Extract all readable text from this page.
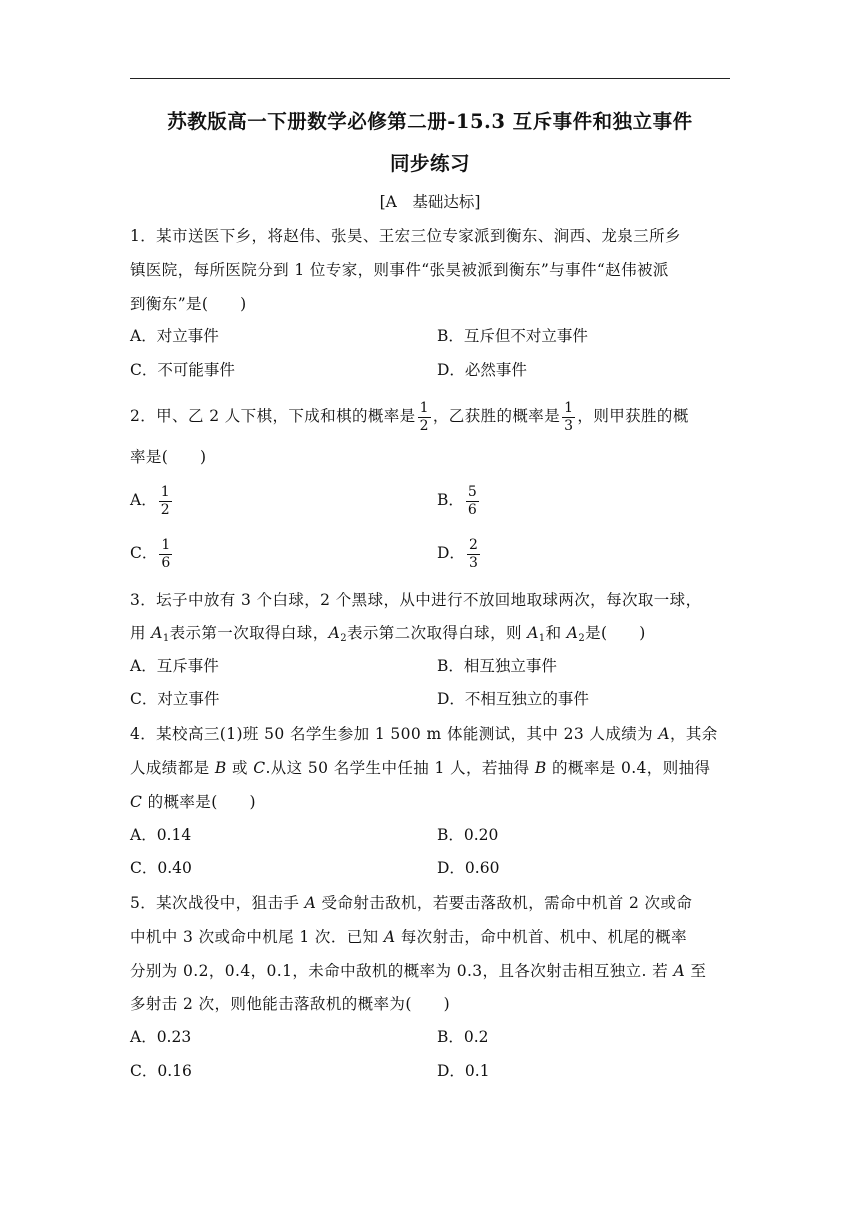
苏教版高一下册数学必修第二册-15.3 互斥事件和独立事件
同步练习
[A　基础达标]
1．某市送医下乡，将赵伟、张昊、王宏三位专家派到衡东、涧西、龙泉三所乡
镇医院，每所医院分到 1 位专家，则事件“张昊被派到衡东”与事件“赵伟被派
到衡东”是(　　)
A．对立事件	B．互斥但不对立事件
C．不可能事件	D．必然事件
2．甲、乙 2 人下棋，下成和棋的概率是 $\frac{1}{2}$ ，乙获胜的概率是 $\frac{1}{3}$ ，则甲获胜的概
率是(　　)
A． $\frac{1}{2}$	B． $\frac{5}{6}$
C． $\frac{1}{6}$	D． $\frac{2}{3}$
3．坛子中放有 3 个白球，2 个黑球，从中进行不放回地取球两次，每次取一球，
用 $A_1$表示第一次取得白球，$A_2$表示第二次取得白球，则 $A_1$和 $A_2$是(　　)
A．互斥事件	B．相互独立事件
C．对立事件	D．不相互独立的事件
4．某校高三(1)班 50 名学生参加 1 500 m 体能测试，其中 23 人成绩为 A，其余
人成绩都是 B 或 C.从这 50 名学生中任抽 1 人，若抽得 B 的概率是 0.4，则抽得
C 的概率是(　　)
A．0.14	B．0.20
C．0.40	D．0.60
5．某次战役中，狙击手 A 受命射击敌机，若要击落敌机，需命中机首 2 次或命
中机中 3 次或命中机尾 1 次．已知 A 每次射击，命中机首、机中、机尾的概率
分别为 0.2，0.4，0.1，未命中敌机的概率为 0.3，且各次射击相互独立. 若 A 至
多射击 2 次，则他能击落敌机的概率为(　　)
A．0.23	B．0.2
C．0.16	D．0.1
